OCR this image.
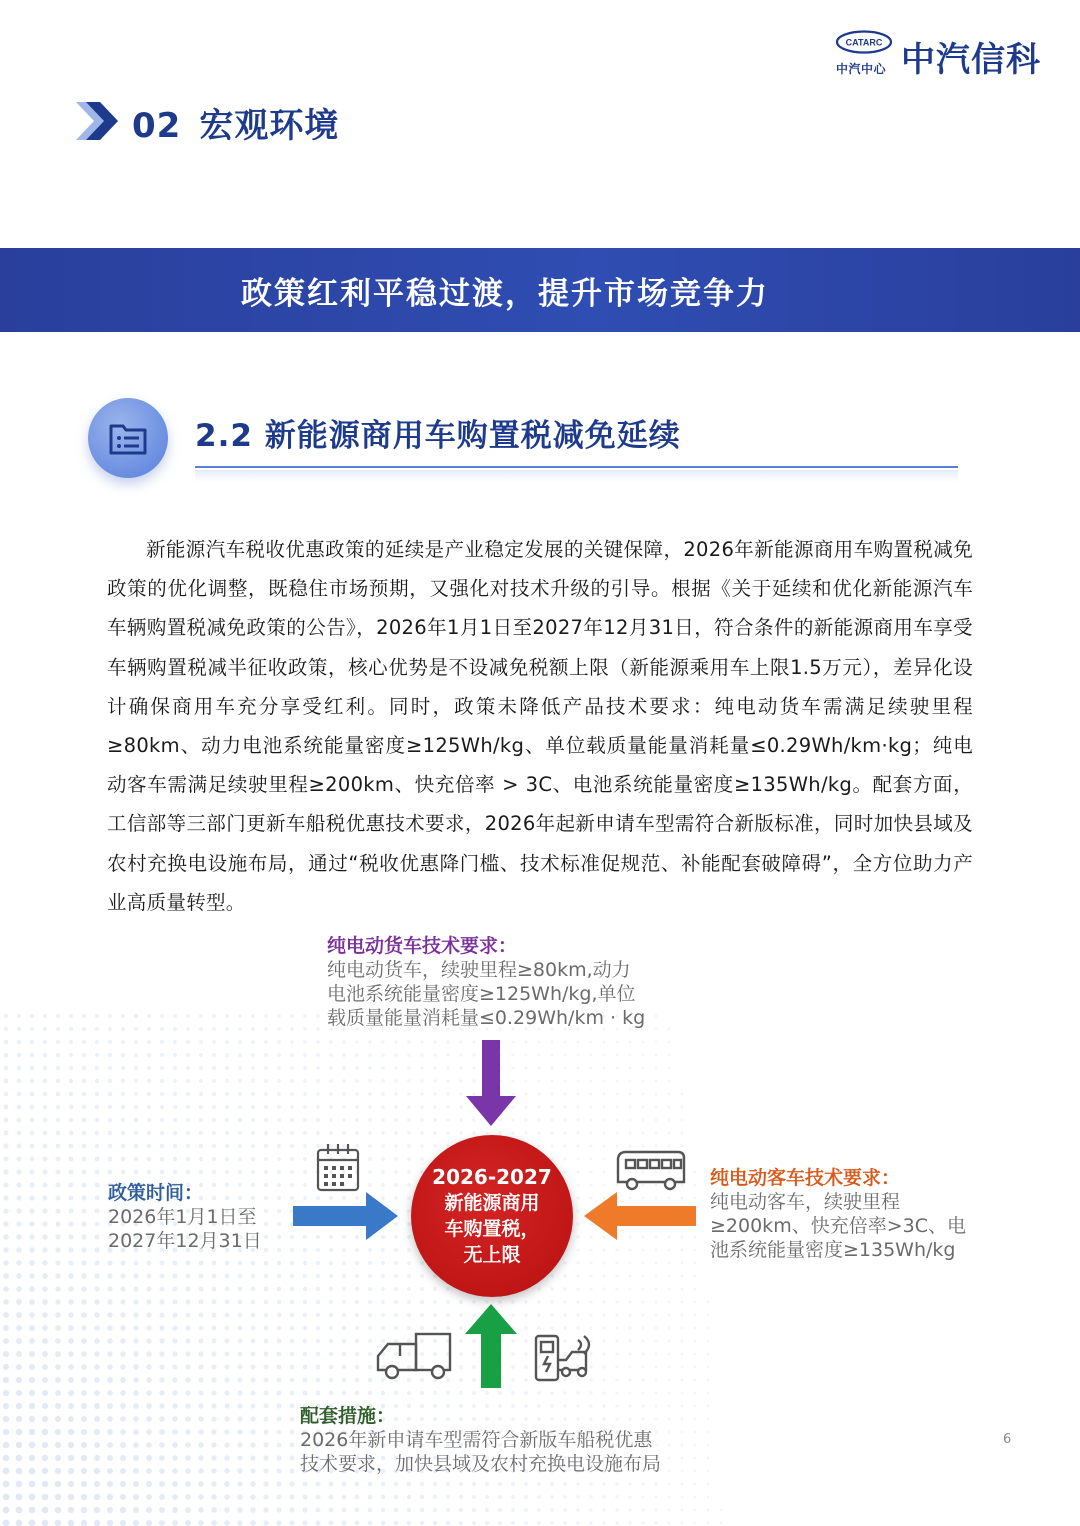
CATARC
中汽中心 中汽信科
02 宏观环境
政策红利平稳过渡，提升市场竞争力
2.2 新能源商用车购置税减免延续
新能源汽车税收优惠政策的延续是产业稳定发展的关键保障，2026年新能源商用车购置税减免政策的优化调整，既稳住市场预期，又强化对技术升级的引导。根据《关于延续和优化新能源汽车车辆购置税减免政策的公告》，2026年1月1日至2027年12月31日，符合条件的新能源商用车享受车辆购置税减半征收政策，核心优势是不设减免税额上限（新能源乘用车上限1.5万元），差异化设计确保商用车充分享受红利。同时，政策未降低产品技术要求：纯电动货车需满足续驶里程≥80km、动力电池系统能量密度≥125Wh/kg、单位载质量能量消耗量≤0.29Wh/km·kg；纯电动客车需满足续驶里程≥200km、快充倍率 > 3C、电池系统能量密度≥135Wh/kg。配套方面，工信部等三部门更新车船税优惠技术要求，2026年起新申请车型需符合新版标准，同时加快县域及农村充换电设施布局，通过“税收优惠降门槛、技术标准促规范、补能配套破障碍”，全方位助力产业高质量转型。
纯电动货车技术要求：
纯电动货车，续驶里程≥80km,动力
电池系统能量密度≥125Wh/kg,单位
载质量能量消耗量≤0.29Wh/km · kg
政策时间：
2026年1月1日至
2027年12月31日
纯电动客车技术要求：
纯电动客车，续驶里程
≥200km、快充倍率>3C、电
池系统能量密度≥135Wh/kg
配套措施：
2026年新申请车型需符合新版车船税优惠
技术要求，加快县域及农村充换电设施布局
2026-2027
新能源商用
车购置税，
无上限
6
